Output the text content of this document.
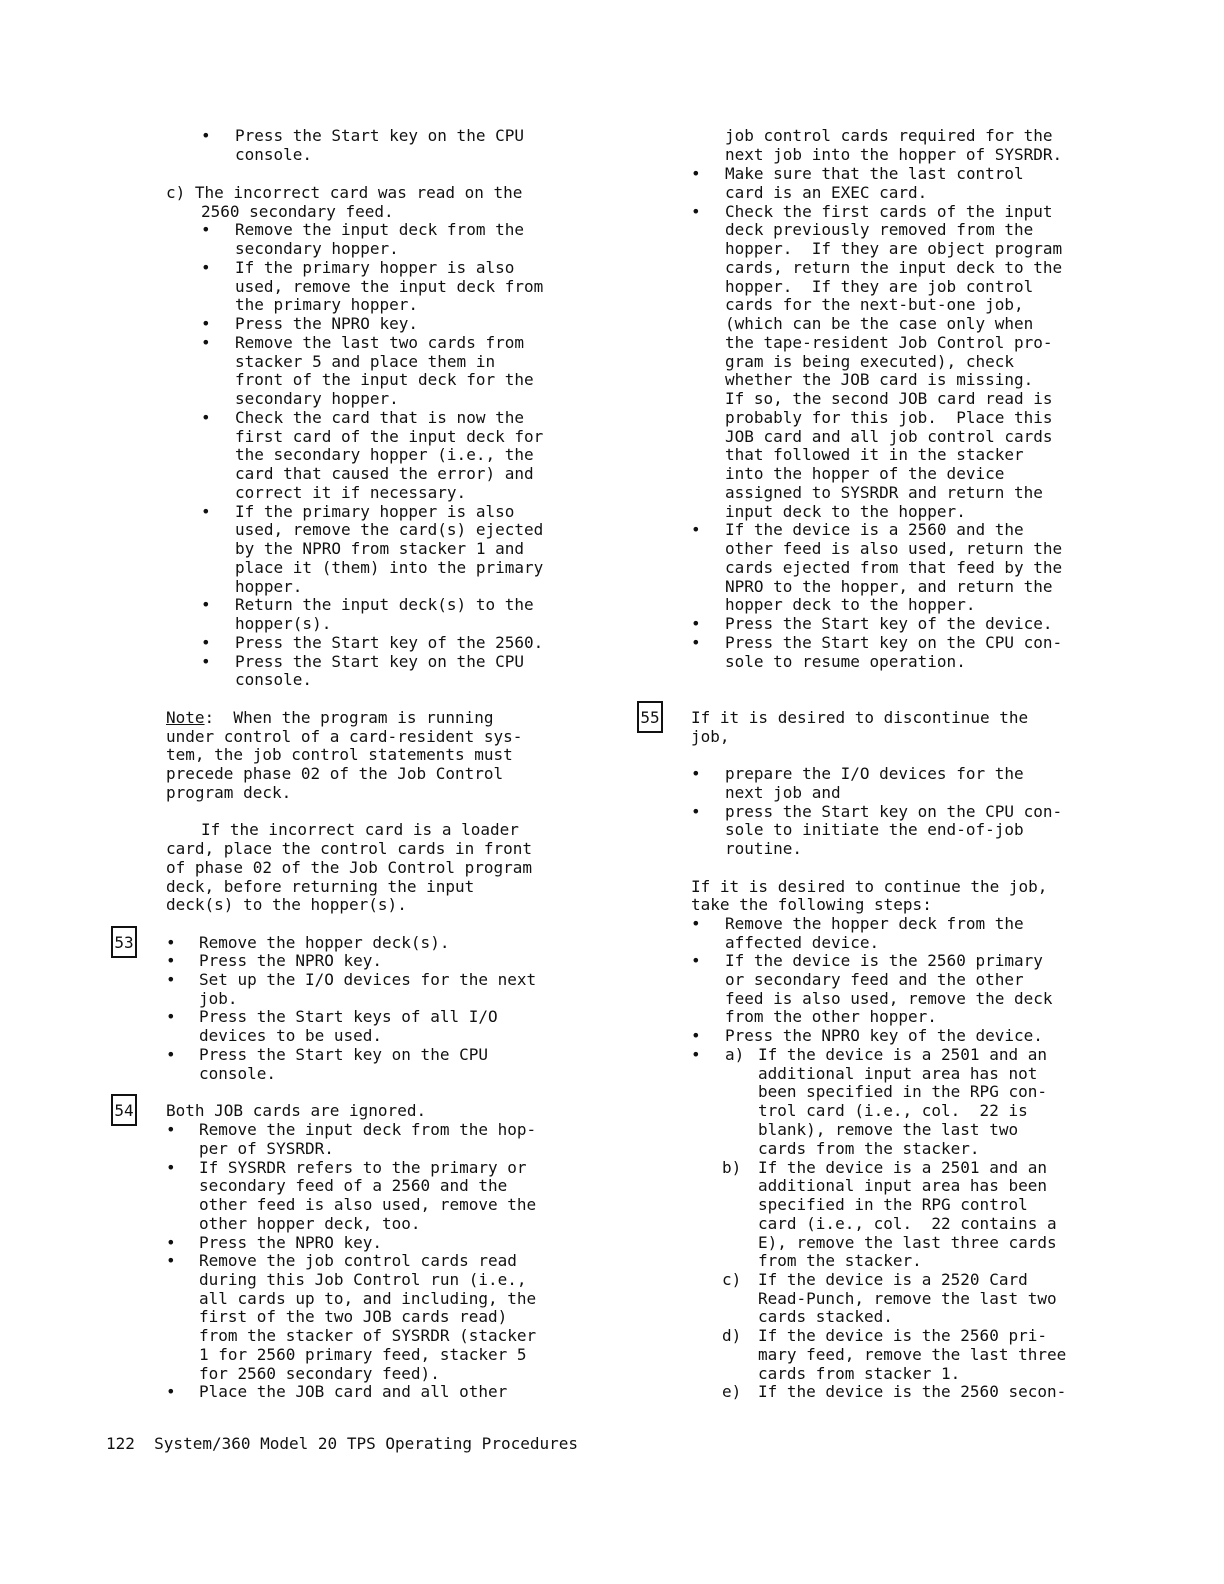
• Press the Start key on the CPU
console.
c) The incorrect card was read on the
2560 secondary feed.
• Remove the input deck from the
secondary hopper.
• If the primary hopper is also
used, remove the input deck from
the primary hopper.
• Press the NPRO key.
• Remove the last two cards from
stacker 5 and place them in
front of the input deck for the
secondary hopper.
• Check the card that is now the
first card of the input deck for
the secondary hopper (i.e., the
card that caused the error) and
correct it if necessary.
• If the primary hopper is also
used, remove the card(s) ejected
by the NPRO from stacker 1 and
place it (them) into the primary
hopper.
• Return the input deck(s) to the
hopper(s).
• Press the Start key of the 2560.
• Press the Start key on the CPU
console.
Note:  When the program is running
under control of a card-resident sys-
tem, the job control statements must
precede phase 02 of the Job Control
program deck.
If the incorrect card is a loader
card, place the control cards in front
of phase 02 of the Job Control program
deck, before returning the input
deck(s) to the hopper(s).
53 • Remove the hopper deck(s).
• Press the NPRO key.
• Set up the I/O devices for the next
job.
• Press the Start keys of all I/O
devices to be used.
• Press the Start key on the CPU
console.
54 Both JOB cards are ignored.
• Remove the input deck from the hop-
per of SYSRDR.
• If SYSRDR refers to the primary or
secondary feed of a 2560 and the
other feed is also used, remove the
other hopper deck, too.
• Press the NPRO key.
• Remove the job control cards read
during this Job Control run (i.e.,
all cards up to, and including, the
first of the two JOB cards read)
from the stacker of SYSRDR (stacker
1 for 2560 primary feed, stacker 5
for 2560 secondary feed).
• Place the JOB card and all other
job control cards required for the
next job into the hopper of SYSRDR.
• Make sure that the last control
card is an EXEC card.
• Check the first cards of the input
deck previously removed from the
hopper.  If they are object program
cards, return the input deck to the
hopper.  If they are job control
cards for the next-but-one job,
(which can be the case only when
the tape-resident Job Control pro-
gram is being executed), check
whether the JOB card is missing.
If so, the second JOB card read is
probably for this job.  Place this
JOB card and all job control cards
that followed it in the stacker
into the hopper of the device
assigned to SYSRDR and return the
input deck to the hopper.
• If the device is a 2560 and the
other feed is also used, return the
cards ejected from that feed by the
NPRO to the hopper, and return the
hopper deck to the hopper.
• Press the Start key of the device.
• Press the Start key on the CPU con-
sole to resume operation.
55 If it is desired to discontinue the
job,
• prepare the I/O devices for the
next job and
• press the Start key on the CPU con-
sole to initiate the end-of-job
routine.
If it is desired to continue the job,
take the following steps:
• Remove the hopper deck from the
affected device.
• If the device is the 2560 primary
or secondary feed and the other
feed is also used, remove the deck
from the other hopper.
• Press the NPRO key of the device.
• a) If the device is a 2501 and an
additional input area has not
been specified in the RPG con-
trol card (i.e., col.  22 is
blank), remove the last two
cards from the stacker.
b) If the device is a 2501 and an
additional input area has been
specified in the RPG control
card (i.e., col.  22 contains a
E), remove the last three cards
from the stacker.
c) If the device is a 2520 Card
Read-Punch, remove the last two
cards stacked.
d) If the device is the 2560 pri-
mary feed, remove the last three
cards from stacker 1.
e) If the device is the 2560 secon-
122  System/360 Model 20 TPS Operating Procedures
